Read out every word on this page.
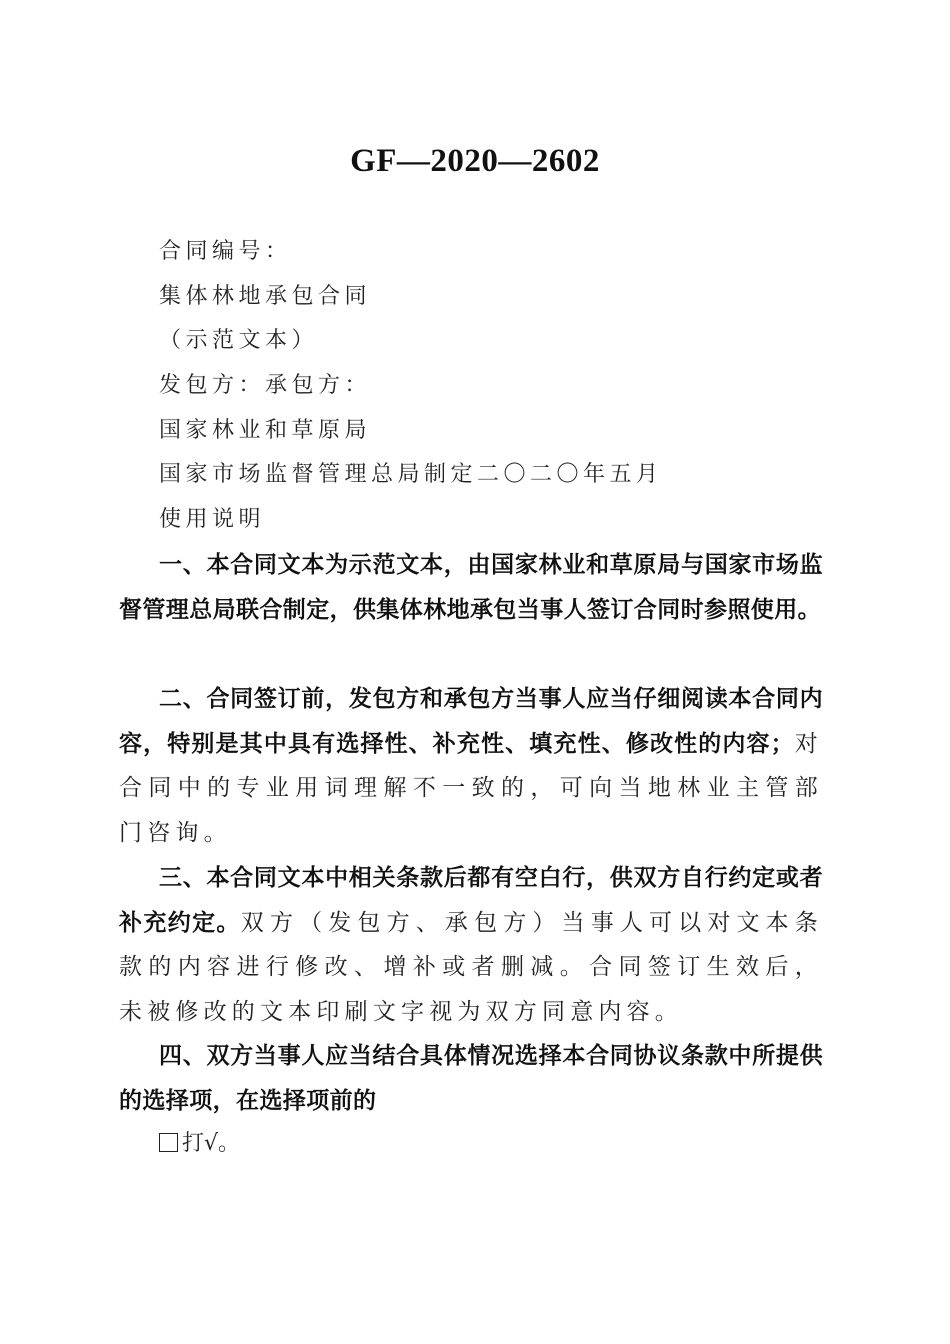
GF—2020—2602
合同编号：
集体林地承包合同
（示范文本）
发包方：承包方：
国家林业和草原局
国家市场监督管理总局制定二〇二〇年五月
使用说明
一、本合同文本为示范文本，由国家林业和草原局与国家市场监督管理总局联合制定，供集体林地承包当事人签订合同时参照使用。
二、合同签订前，发包方和承包方当事人应当仔细阅读本合同内容，特别是其中具有选择性、补充性、填充性、修改性的内容；对合同中的专业用词理解不一致的，可向当地林业主管部门咨询。
三、本合同文本中相关条款后都有空白行，供双方自行约定或者补充约定。双方（发包方、承包方）当事人可以对文本条款的内容进行修改、增补或者删减。合同签订生效后，未被修改的文本印刷文字视为双方同意内容。
四、双方当事人应当结合具体情况选择本合同协议条款中所提供的选择项，在选择项前的
打√。
